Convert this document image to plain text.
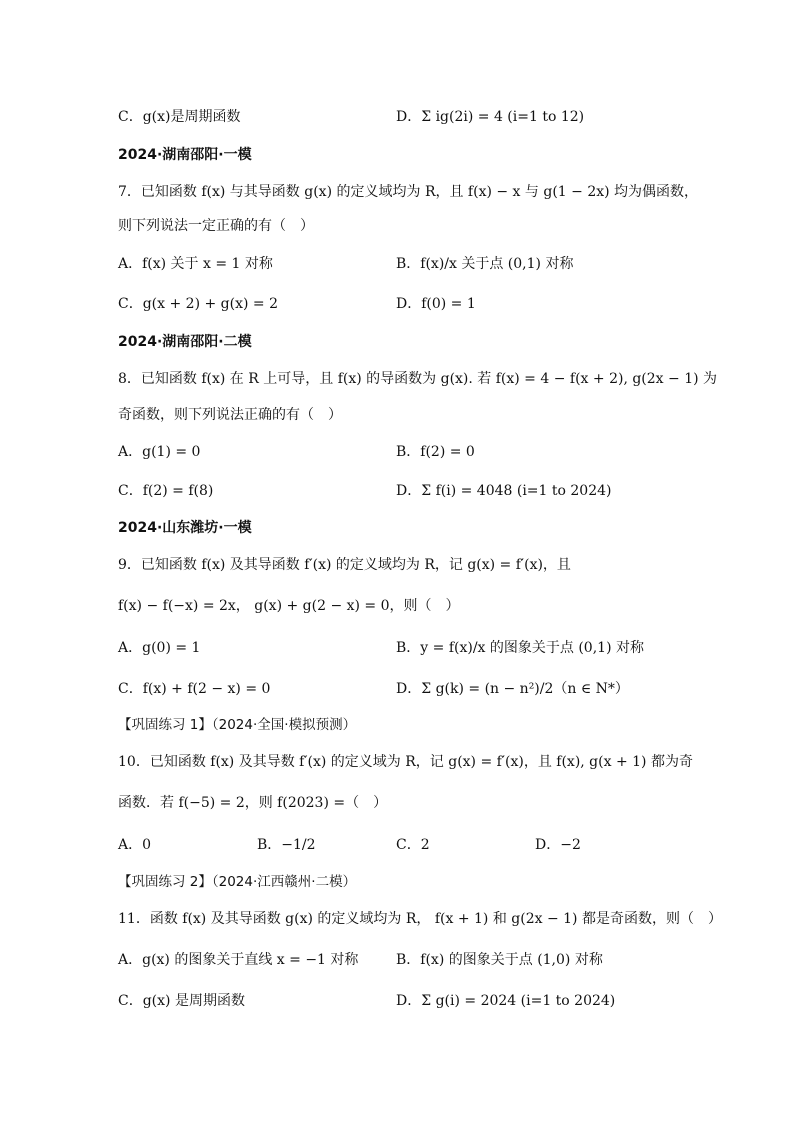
C．g(x)是周期函数	D．Σ ig(2i) = 4 (i=1 to 12)
2024·湖南邵阳·一模
7．已知函数 f(x) 与其导函数 g(x) 的定义域均为 R，且 f(x) − x 与 g(1 − 2x) 均为偶函数，
则下列说法一定正确的有（　）
A．f(x) 关于 x = 1 对称	B．f(x)/x 关于点 (0,1) 对称
C．g(x + 2) + g(x) = 2	D．f(0) = 1
2024·湖南邵阳·二模
8．已知函数 f(x) 在 R 上可导，且 f(x) 的导函数为 g(x). 若 f(x) = 4 − f(x + 2), g(2x − 1) 为
奇函数，则下列说法正确的有（　）
A．g(1) = 0	B．f(2) = 0
C．f(2) = f(8)	D．Σ f(i) = 4048 (i=1 to 2024)
2024·山东潍坊·一模
9．已知函数 f(x) 及其导函数 f′(x) 的定义域均为 R，记 g(x) = f′(x)，且
f(x) − f(−x) = 2x， g(x) + g(2 − x) = 0，则（　）
A．g(0) = 1	B．y = f(x)/x 的图象关于点 (0,1) 对称
C．f(x) + f(2 − x) = 0	D．Σ g(k) = (n − n²)/2（n ∈ N*）
【巩固练习 1】（2024·全国·模拟预测）
10．已知函数 f(x) 及其导数 f′(x) 的定义域为 R，记 g(x) = f′(x)，且 f(x), g(x + 1) 都为奇
函数．若 f(−5) = 2，则 f(2023) =（　）
A．0	B．−1/2	C．2	D．−2
【巩固练习 2】（2024·江西赣州·二模）
11．函数 f(x) 及其导函数 g(x) 的定义域均为 R， f(x + 1) 和 g(2x − 1) 都是奇函数，则（　）
A．g(x) 的图象关于直线 x = −1 对称	B．f(x) 的图象关于点 (1,0) 对称
C．g(x) 是周期函数	D．Σ g(i) = 2024 (i=1 to 2024)
